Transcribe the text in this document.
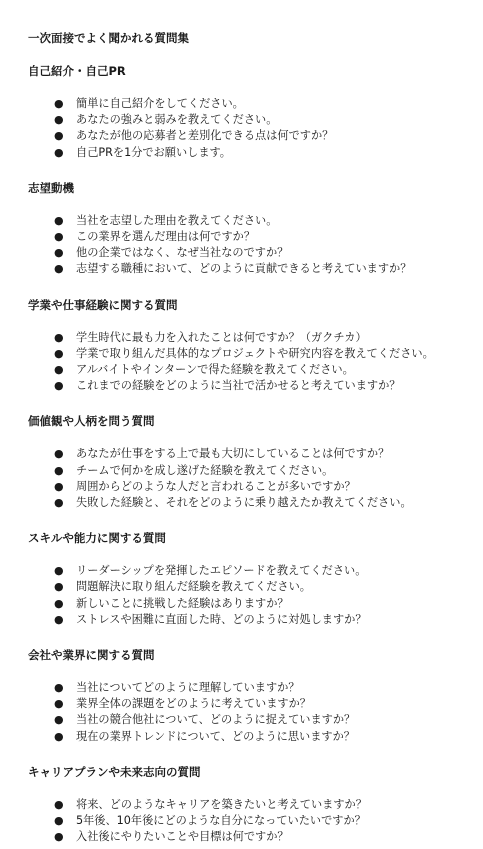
一次面接でよく聞かれる質問集
自己紹介・自己PR
● 簡単に自己紹介をしてください。
● あなたの強みと弱みを教えてください。
● あなたが他の応募者と差別化できる点は何ですか？
● 自己PRを1分でお願いします。
志望動機
● 当社を志望した理由を教えてください。
● この業界を選んだ理由は何ですか？
● 他の企業ではなく、なぜ当社なのですか？
● 志望する職種において、どのように貢献できると考えていますか？
学業や仕事経験に関する質問
● 学生時代に最も力を入れたことは何ですか？（ガクチカ）
● 学業で取り組んだ具体的なプロジェクトや研究内容を教えてください。
● アルバイトやインターンで得た経験を教えてください。
● これまでの経験をどのように当社で活かせると考えていますか？
価値観や人柄を問う質問
● あなたが仕事をする上で最も大切にしていることは何ですか？
● チームで何かを成し遂げた経験を教えてください。
● 周囲からどのような人だと言われることが多いですか？
● 失敗した経験と、それをどのように乗り越えたか教えてください。
スキルや能力に関する質問
● リーダーシップを発揮したエピソードを教えてください。
● 問題解決に取り組んだ経験を教えてください。
● 新しいことに挑戦した経験はありますか？
● ストレスや困難に直面した時、どのように対処しますか？
会社や業界に関する質問
● 当社についてどのように理解していますか？
● 業界全体の課題をどのように考えていますか？
● 当社の競合他社について、どのように捉えていますか？
● 現在の業界トレンドについて、どのように思いますか？
キャリアプランや未来志向の質問
● 将来、どのようなキャリアを築きたいと考えていますか？
● 5年後、10年後にどのような自分になっていたいですか？
● 入社後にやりたいことや目標は何ですか？
